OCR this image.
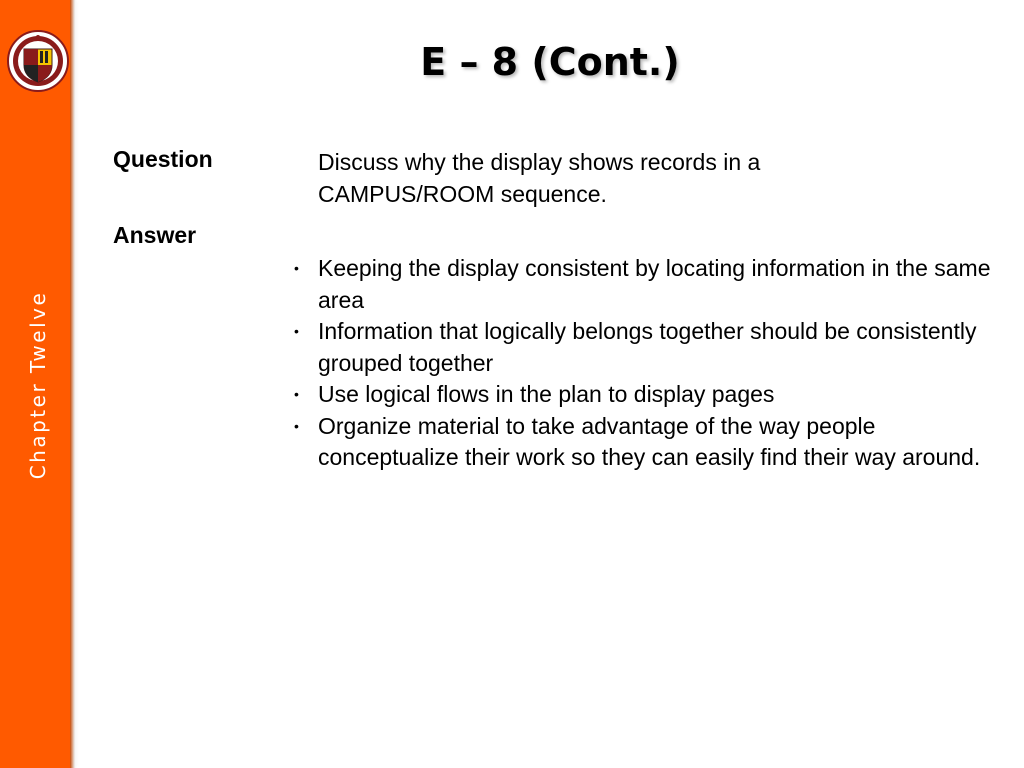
Chapter Twelve
E – 8 (Cont.)
Question	Discuss why the display shows records in a CAMPUS/ROOM sequence.
Answer
• Keeping the display consistent by locating information in the same area
• Information that logically belongs together should be consistently grouped together
• Use logical flows in the plan to display pages
• Organize material to take advantage of the way people conceptualize their work so they can easily find their way around.
